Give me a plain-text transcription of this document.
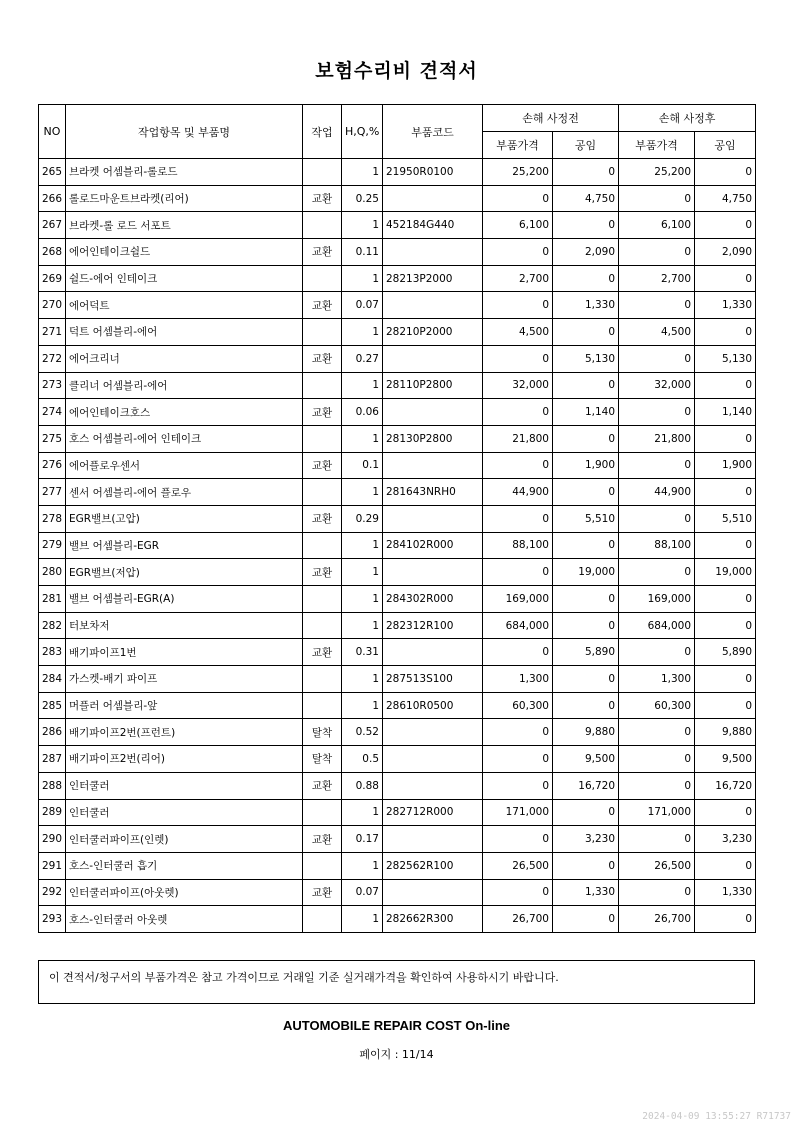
보험수리비 견적서
NO	작업항목 및 부품명	작업	H,Q,%	부품코드	손해 사정전		손해 사정후	
					부품가격	공임	부품가격	공임
265	브라켓 어셈블리-롤로드		1	21950R0100	25,200	0	25,200	0
266	롤로드마운트브라켓(리어)	교환	0.25		0	4,750	0	4,750
267	브라켓-롤 로드 서포트		1	452184G440	6,100	0	6,100	0
268	에어인테이크쉴드	교환	0.11		0	2,090	0	2,090
269	쉴드-에어 인테이크		1	28213P2000	2,700	0	2,700	0
270	에어덕트	교환	0.07		0	1,330	0	1,330
271	덕트 어셈블리-에어		1	28210P2000	4,500	0	4,500	0
272	에어크리너	교환	0.27		0	5,130	0	5,130
273	클리너 어셈블리-에어		1	28110P2800	32,000	0	32,000	0
274	에어인테이크호스	교환	0.06		0	1,140	0	1,140
275	호스 어셈블리-에어 인테이크		1	28130P2800	21,800	0	21,800	0
276	에어플로우센서	교환	0.1		0	1,900	0	1,900
277	센서 어셈블리-에어 플로우		1	281643NRH0	44,900	0	44,900	0
278	EGR밸브(고압)	교환	0.29		0	5,510	0	5,510
279	밸브 어셈블리-EGR		1	284102R000	88,100	0	88,100	0
280	EGR밸브(저압)	교환	1		0	19,000	0	19,000
281	밸브 어셈블리-EGR(A)		1	284302R000	169,000	0	169,000	0
282	터보차저		1	282312R100	684,000	0	684,000	0
283	배기파이프1번	교환	0.31		0	5,890	0	5,890
284	가스켓-배기 파이프		1	287513S100	1,300	0	1,300	0
285	머플러 어셈블리-앞		1	28610R0500	60,300	0	60,300	0
286	배기파이프2번(프런트)	탈착	0.52		0	9,880	0	9,880
287	배기파이프2번(리어)	탈착	0.5		0	9,500	0	9,500
288	인터쿨러	교환	0.88		0	16,720	0	16,720
289	인터쿨러		1	282712R000	171,000	0	171,000	0
290	인터쿨러파이프(인렛)	교환	0.17		0	3,230	0	3,230
291	호스-인터쿨러 흡기		1	282562R100	26,500	0	26,500	0
292	인터쿨러파이프(아웃렛)	교환	0.07		0	1,330	0	1,330
293	호스-인터쿨러 아웃렛		1	282662R300	26,700	0	26,700	0
이 견적서/청구서의 부품가격은 참고 가격이므로 거래일 기준 실거래가격을 확인하여 사용하시기 바랍니다.
AUTOMOBILE REPAIR COST On-line
페이지 : 11/14
2024-04-09 13:55:27 R71737
